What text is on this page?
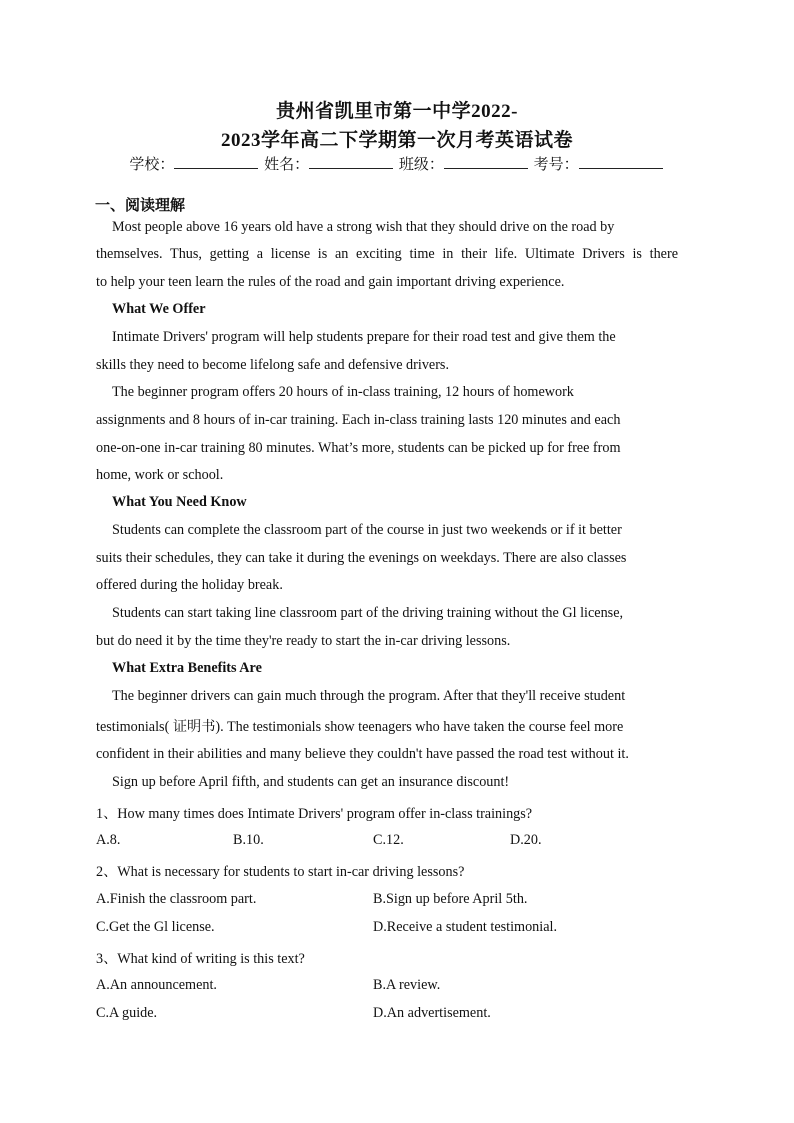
贵州省凯里市第一中学2022-
2023学年高二下学期第一次月考英语试卷
学校：	姓名：	班级：	考号：
一、阅读理解
Most people above 16 years old have a strong wish that they should drive on the road by
themselves. Thus, getting a license is an exciting time in their life. Ultimate Drivers is there
to help your teen learn the rules of the road and gain important driving experience.
What We Offer
Intimate Drivers' program will help students prepare for their road test and give them the
skills they need to become lifelong safe and defensive drivers.
The beginner program offers 20 hours of in-class training, 12 hours of homework
assignments and 8 hours of in-car training. Each in-class training lasts 120 minutes and each
one-on-one in-car training 80 minutes. What’s more, students can be picked up for free from
home, work or school.
What You Need Know
Students can complete the classroom part of the course in just two weekends or if it better
suits their schedules, they can take it during the evenings on weekdays. There are also classes
offered during the holiday break.
Students can start taking line classroom part of the driving training without the Gl license,
but do need it by the time they're ready to start the in-car driving lessons.
What Extra Benefits Are
The beginner drivers can gain much through the program. After that they'll receive student
testimonials( 证明书). The testimonials show teenagers who have taken the course feel more
confident in their abilities and many believe they couldn't have passed the road test without it.
Sign up before April fifth, and students can get an insurance discount!
1、How many times does Intimate Drivers' program offer in-class trainings?
A.8.	B.10.	C.12.	D.20.
2、What is necessary for students to start in-car driving lessons?
A.Finish the classroom part.	B.Sign up before April 5th.
C.Get the Gl license.	D.Receive a student testimonial.
3、What kind of writing is this text?
A.An announcement.	B.A review.
C.A guide.	D.An advertisement.
